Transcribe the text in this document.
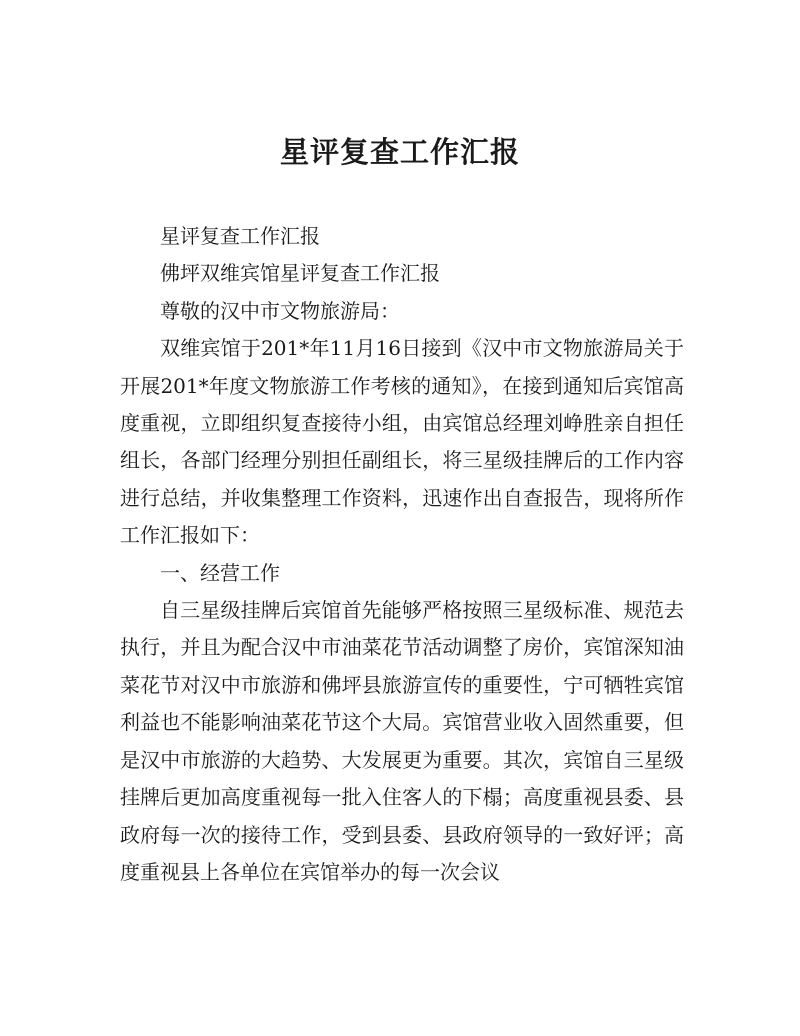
星评复查工作汇报

星评复查工作汇报

佛坪双维宾馆星评复查工作汇报

尊敬的汉中市文物旅游局：

双维宾馆于201*年11月16日接到《汉中市文物旅游局关于开展201*年度文物旅游工作考核的通知》，在接到通知后宾馆高度重视，立即组织复查接待小组，由宾馆总经理刘峥胜亲自担任组长，各部门经理分别担任副组长，将三星级挂牌后的工作内容进行总结，并收集整理工作资料，迅速作出自查报告，现将所作工作汇报如下：

一、经营工作

自三星级挂牌后宾馆首先能够严格按照三星级标准、规范去执行，并且为配合汉中市油菜花节活动调整了房价，宾馆深知油菜花节对汉中市旅游和佛坪县旅游宣传的重要性，宁可牺牲宾馆利益也不能影响油菜花节这个大局。宾馆营业收入固然重要，但是汉中市旅游的大趋势、大发展更为重要。其次，宾馆自三星级挂牌后更加高度重视每一批入住客人的下榻；高度重视县委、县政府每一次的接待工作，受到县委、县政府领导的一致好评；高度重视县上各单位在宾馆举办的每一次会议
